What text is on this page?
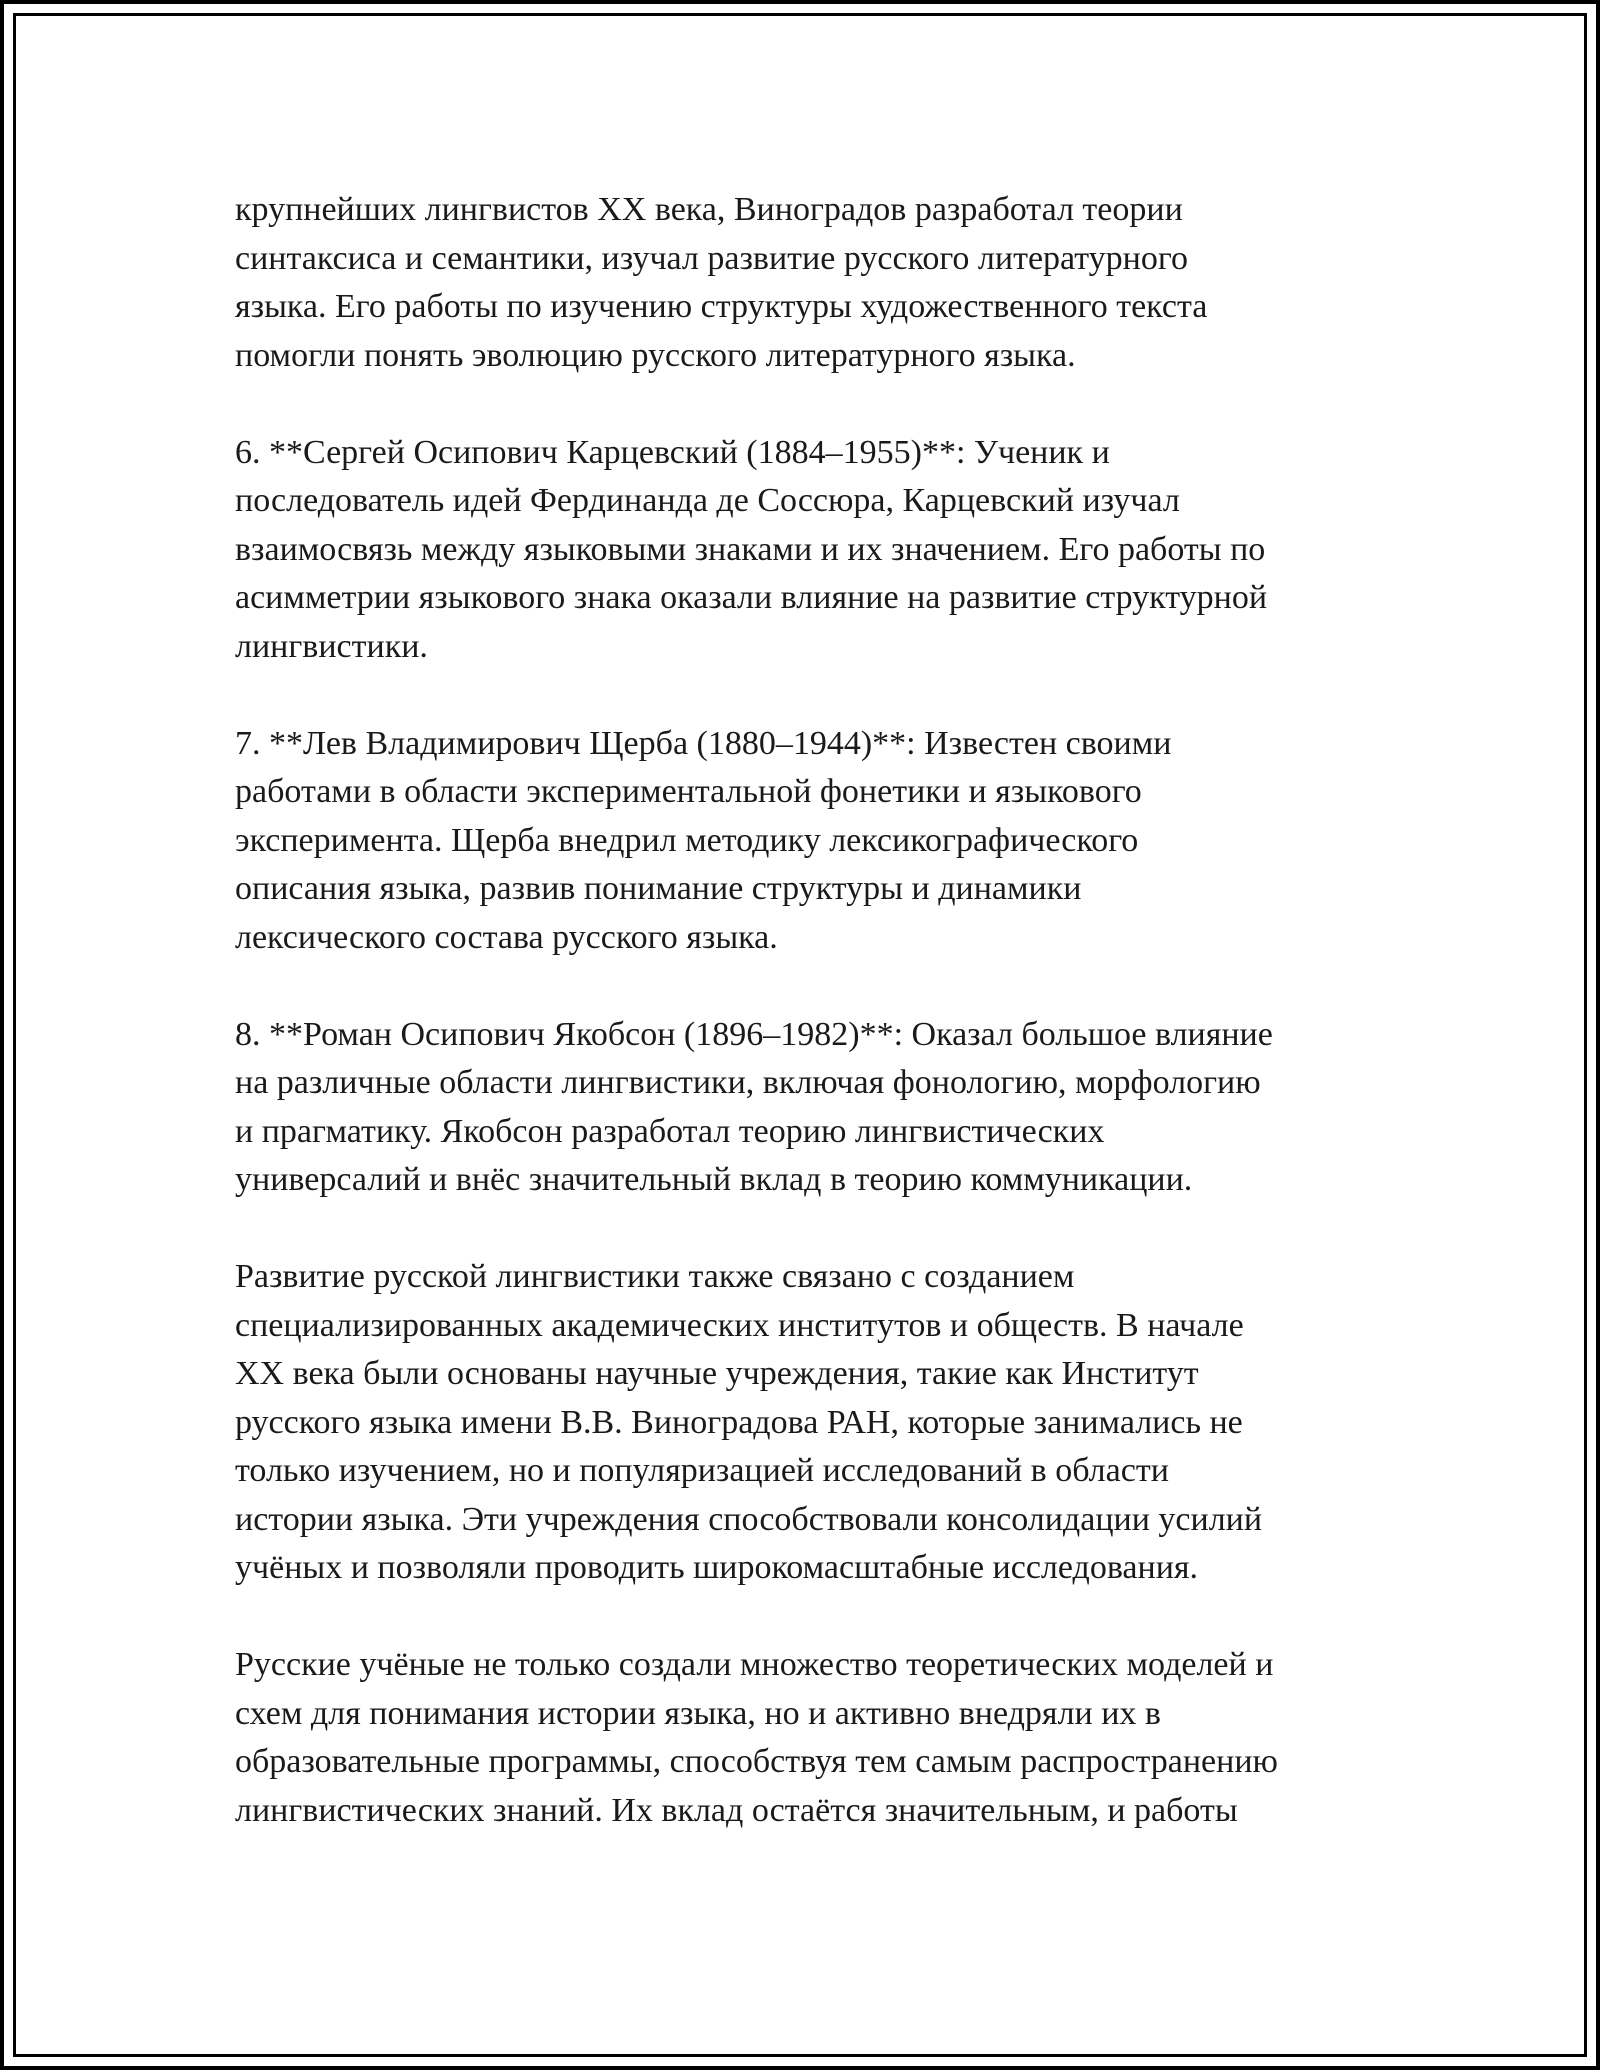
крупнейших лингвистов XX века, Виноградов разработал теории
синтаксиса и семантики, изучал развитие русского литературного
языка. Его работы по изучению структуры художественного текста
помогли понять эволюцию русского литературного языка.

6. **Сергей Осипович Карцевский (1884–1955)**: Ученик и
последователь идей Фердинанда де Соссюра, Карцевский изучал
взаимосвязь между языковыми знаками и их значением. Его работы по
асимметрии языкового знака оказали влияние на развитие структурной
лингвистики.

7. **Лев Владимирович Щерба (1880–1944)**: Известен своими
работами в области экспериментальной фонетики и языкового
эксперимента. Щерба внедрил методику лексикографического
описания языка, развив понимание структуры и динамики
лексического состава русского языка.

8. **Роман Осипович Якобсон (1896–1982)**: Оказал большое влияние
на различные области лингвистики, включая фонологию, морфологию
и прагматику. Якобсон разработал теорию лингвистических
универсалий и внёс значительный вклад в теорию коммуникации.

Развитие русской лингвистики также связано с созданием
специализированных академических институтов и обществ. В начале
XX века были основаны научные учреждения, такие как Институт
русского языка имени В.В. Виноградова РАН, которые занимались не
только изучением, но и популяризацией исследований в области
истории языка. Эти учреждения способствовали консолидации усилий
учёных и позволяли проводить широкомасштабные исследования.

Русские учёные не только создали множество теоретических моделей и
схем для понимания истории языка, но и активно внедряли их в
образовательные программы, способствуя тем самым распространению
лингвистических знаний. Их вклад остаётся значительным, и работы
